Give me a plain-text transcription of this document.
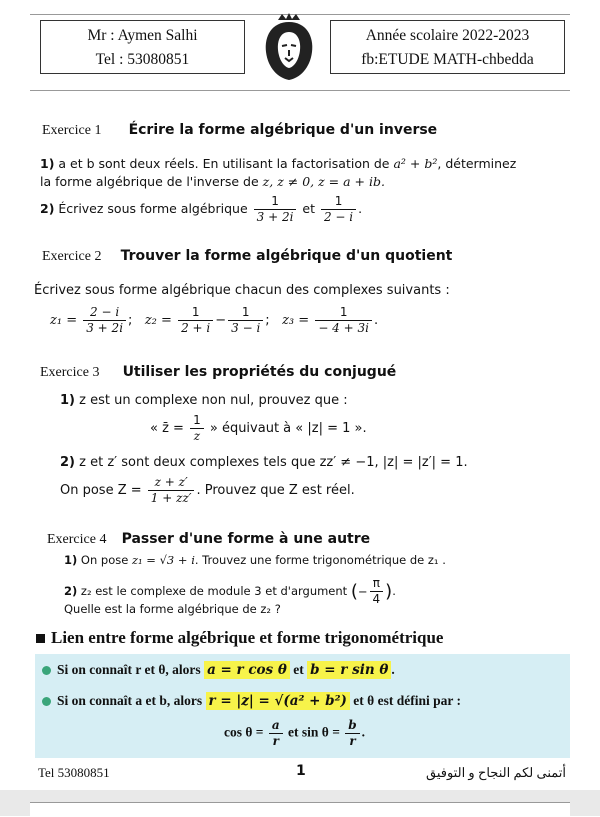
Mr : Aymen Salhi
Tel : 53080851
Année scolaire 2022-2023
fb:ETUDE MATH-chbedda
Exercice 1 Écrire la forme algébrique d'un inverse
1) a et b sont deux réels. En utilisant la factorisation de a² + b², déterminez
la forme algébrique de l'inverse de z, z ≠ 0, z = a + ib.
2) Écrivez sous forme algébrique $\frac{1}{3 + 2i}$ et $\frac{1}{2 - i}$ .
Exercice 2 Trouver la forme algébrique d'un quotient
Écrivez sous forme algébrique chacun des complexes suivants :
$z_1 = \frac{2 - i}{3 + 2i}$ ; $z_2 = \frac{1}{2 + i} - \frac{1}{3 - i}$ ; $z_3 = \frac{1}{- 4 + 3i}$ .
Exercice 3 Utiliser les propriétés du conjugué
1) z est un complexe non nul, prouvez que :
« z̄ = $\frac{1}{z}$ » équivaut à « |z| = 1 ».
2) z et z′ sont deux complexes tels que zz′ ≠ −1, |z| = |z′| = 1.
On pose $Z = \frac{z + z'}{1 + zz'}$ . Prouvez que Z est réel.
Exercice 4 Passer d'une forme à une autre
1) On pose z₁ = √3 + i. Trouvez une forme trigonométrique de z₁ .
2) z₂ est le complexe de module 3 et d'argument (− $\frac{\pi}{4}$ ).
Quelle est la forme algébrique de z₂ ?
Lien entre forme algébrique et forme trigonométrique
Si on connaît r et θ, alors a = r cos θ et b = r sin θ .
Si on connaît a et b, alors r = |z| = √(a² + b²) et θ est défini par :
$\cos \theta = \frac{a}{r}$ et $\sin \theta = \frac{b}{r}$ .
Tel 53080851	1	أتمنى لكم النجاح و التوفيق
